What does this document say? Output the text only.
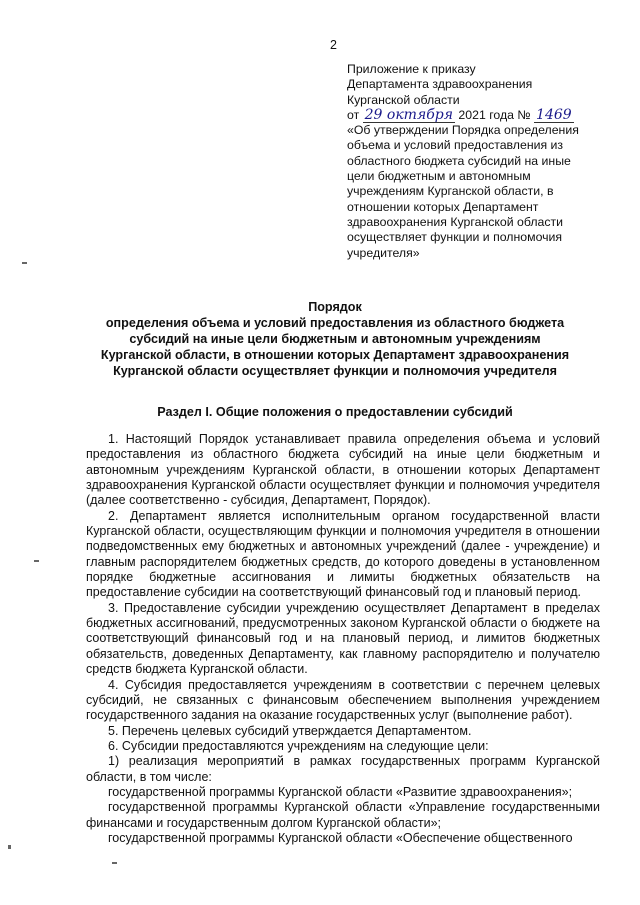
2
Приложение к приказу
Департамента здравоохранения
Курганской области
от 29 октября 2021 года № 1469
«Об утверждении Порядка определения
объема и условий предоставления из
областного бюджета субсидий на иные
цели бюджетным и автономным
учреждениям Курганской области, в
отношении которых Департамент
здравоохранения Курганской области
осуществляет функции и полномочия
учредителя»
Порядок
определения объема и условий предоставления из областного бюджета
субсидий на иные цели бюджетным и автономным учреждениям
Курганской области, в отношении которых Департамент здравоохранения
Курганской области осуществляет функции и полномочия учредителя
Раздел I. Общие положения о предоставлении субсидий

1. Настоящий Порядок устанавливает правила определения объема и условий предоставления из областного бюджета субсидий на иные цели бюджетным и автономным учреждениям Курганской области, в отношении которых Департамент здравоохранения Курганской области осуществляет функции и полномочия учредителя (далее соответственно - субсидия, Департамент, Порядок).

2. Департамент является исполнительным органом государственной власти Курганской области, осуществляющим функции и полномочия учредителя в отношении подведомственных ему бюджетных и автономных учреждений (далее - учреждение) и главным распорядителем бюджетных средств, до которого доведены в установленном порядке бюджетные ассигнования и лимиты бюджетных обязательств на предоставление субсидии на соответствующий финансовый год и плановый период.

3. Предоставление субсидии учреждению осуществляет Департамент в пределах бюджетных ассигнований, предусмотренных законом Курганской области о бюджете на соответствующий финансовый год и на плановый период, и лимитов бюджетных обязательств, доведенных Департаменту, как главному распорядителю и получателю средств бюджета Курганской области.

4. Субсидия предоставляется учреждениям в соответствии с перечнем целевых субсидий, не связанных с финансовым обеспечением выполнения учреждением государственного задания на оказание государственных услуг (выполнение работ).

5. Перечень целевых субсидий утверждается Департаментом.

6. Субсидии предоставляются учреждениям на следующие цели:

1) реализация мероприятий в рамках государственных программ Курганской области, в том числе:

государственной программы Курганской области «Развитие здравоохранения»;

государственной программы Курганской области «Управление государственными финансами и государственным долгом Курганской области»;

государственной программы Курганской области «Обеспечение общественного
